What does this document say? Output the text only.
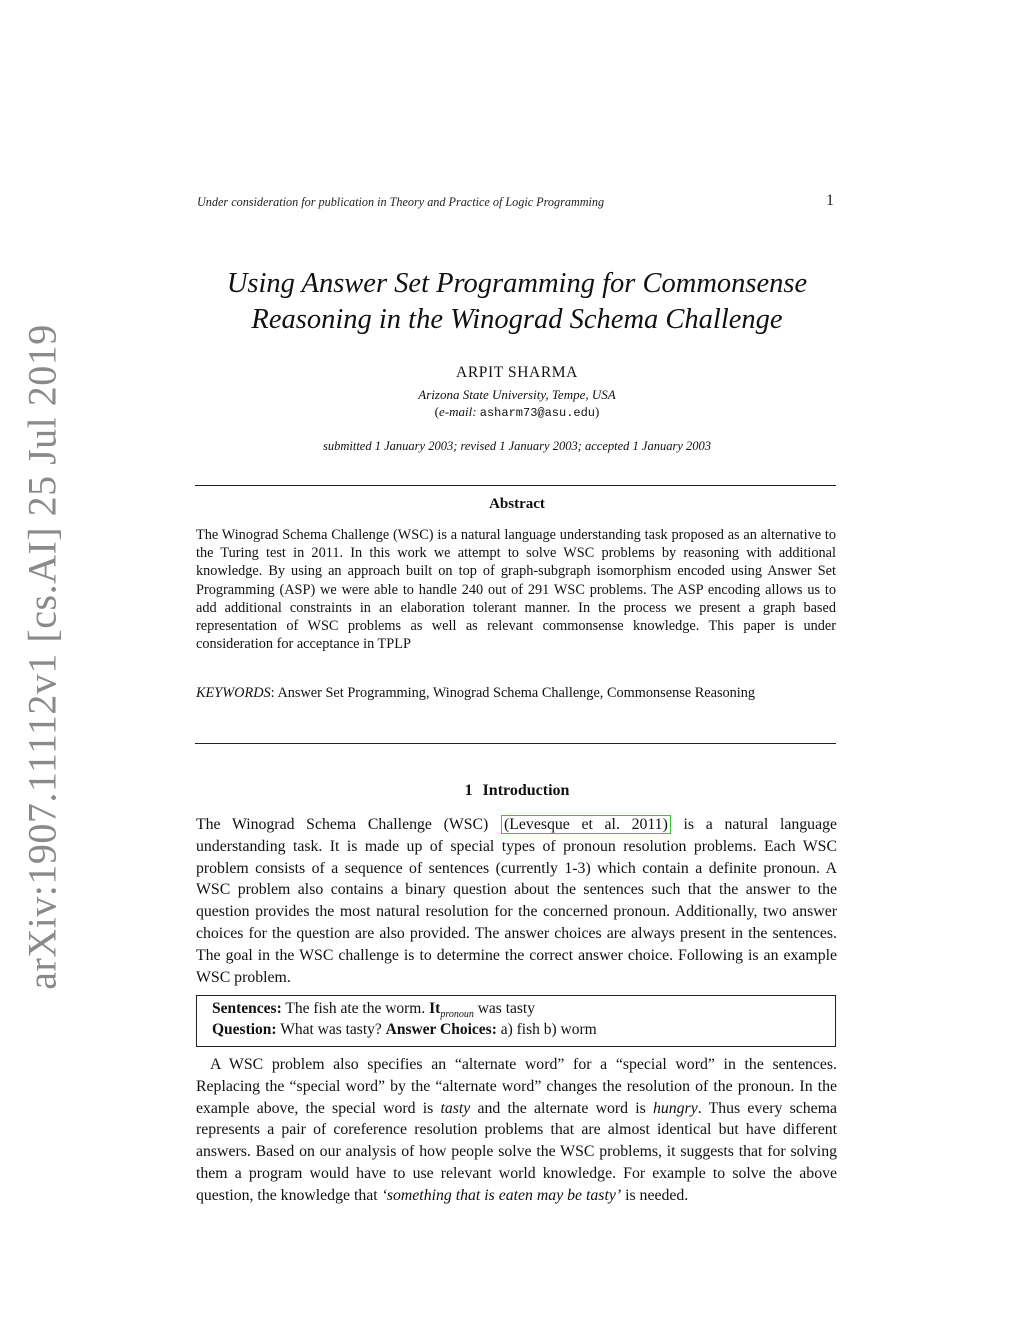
arXiv:1907.11112v1 [cs.AI] 25 Jul 2019
Under consideration for publication in Theory and Practice of Logic Programming	1
Using Answer Set Programming for Commonsense
Reasoning in the Winograd Schema Challenge
ARPIT SHARMA
Arizona State University, Tempe, USA
(e-mail: asharm73@asu.edu)
submitted 1 January 2003; revised 1 January 2003; accepted 1 January 2003
Abstract
The Winograd Schema Challenge (WSC) is a natural language understanding task proposed as an alternative to the Turing test in 2011. In this work we attempt to solve WSC problems by reasoning with additional knowledge. By using an approach built on top of graph-subgraph isomorphism encoded using Answer Set Programming (ASP) we were able to handle 240 out of 291 WSC problems. The ASP encoding allows us to add additional constraints in an elaboration tolerant manner. In the process we present a graph based representation of WSC problems as well as relevant commonsense knowledge. This paper is under consideration for acceptance in TPLP
KEYWORDS: Answer Set Programming, Winograd Schema Challenge, Commonsense Reasoning
1 Introduction
The Winograd Schema Challenge (WSC) (Levesque et al. 2011) is a natural language understanding task. It is made up of special types of pronoun resolution problems. Each WSC problem consists of a sequence of sentences (currently 1-3) which contain a definite pronoun. A WSC problem also contains a binary question about the sentences such that the answer to the question provides the most natural resolution for the concerned pronoun. Additionally, two answer choices for the question are also provided. The answer choices are always present in the sentences. The goal in the WSC challenge is to determine the correct answer choice. Following is an example WSC problem.
Sentences: The fish ate the worm. $It_{pronoun}$ was tasty
Question: What was tasty? Answer Choices: a) fish b) worm
A WSC problem also specifies an “alternate word” for a “special word” in the sentences. Replacing the “special word” by the “alternate word” changes the resolution of the pronoun. In the example above, the special word is tasty and the alternate word is hungry. Thus every schema represents a pair of coreference resolution problems that are almost identical but have different answers. Based on our analysis of how people solve the WSC problems, it suggests that for solving them a program would have to use relevant world knowledge. For example to solve the above question, the knowledge that ‘something that is eaten may be tasty’ is needed.
